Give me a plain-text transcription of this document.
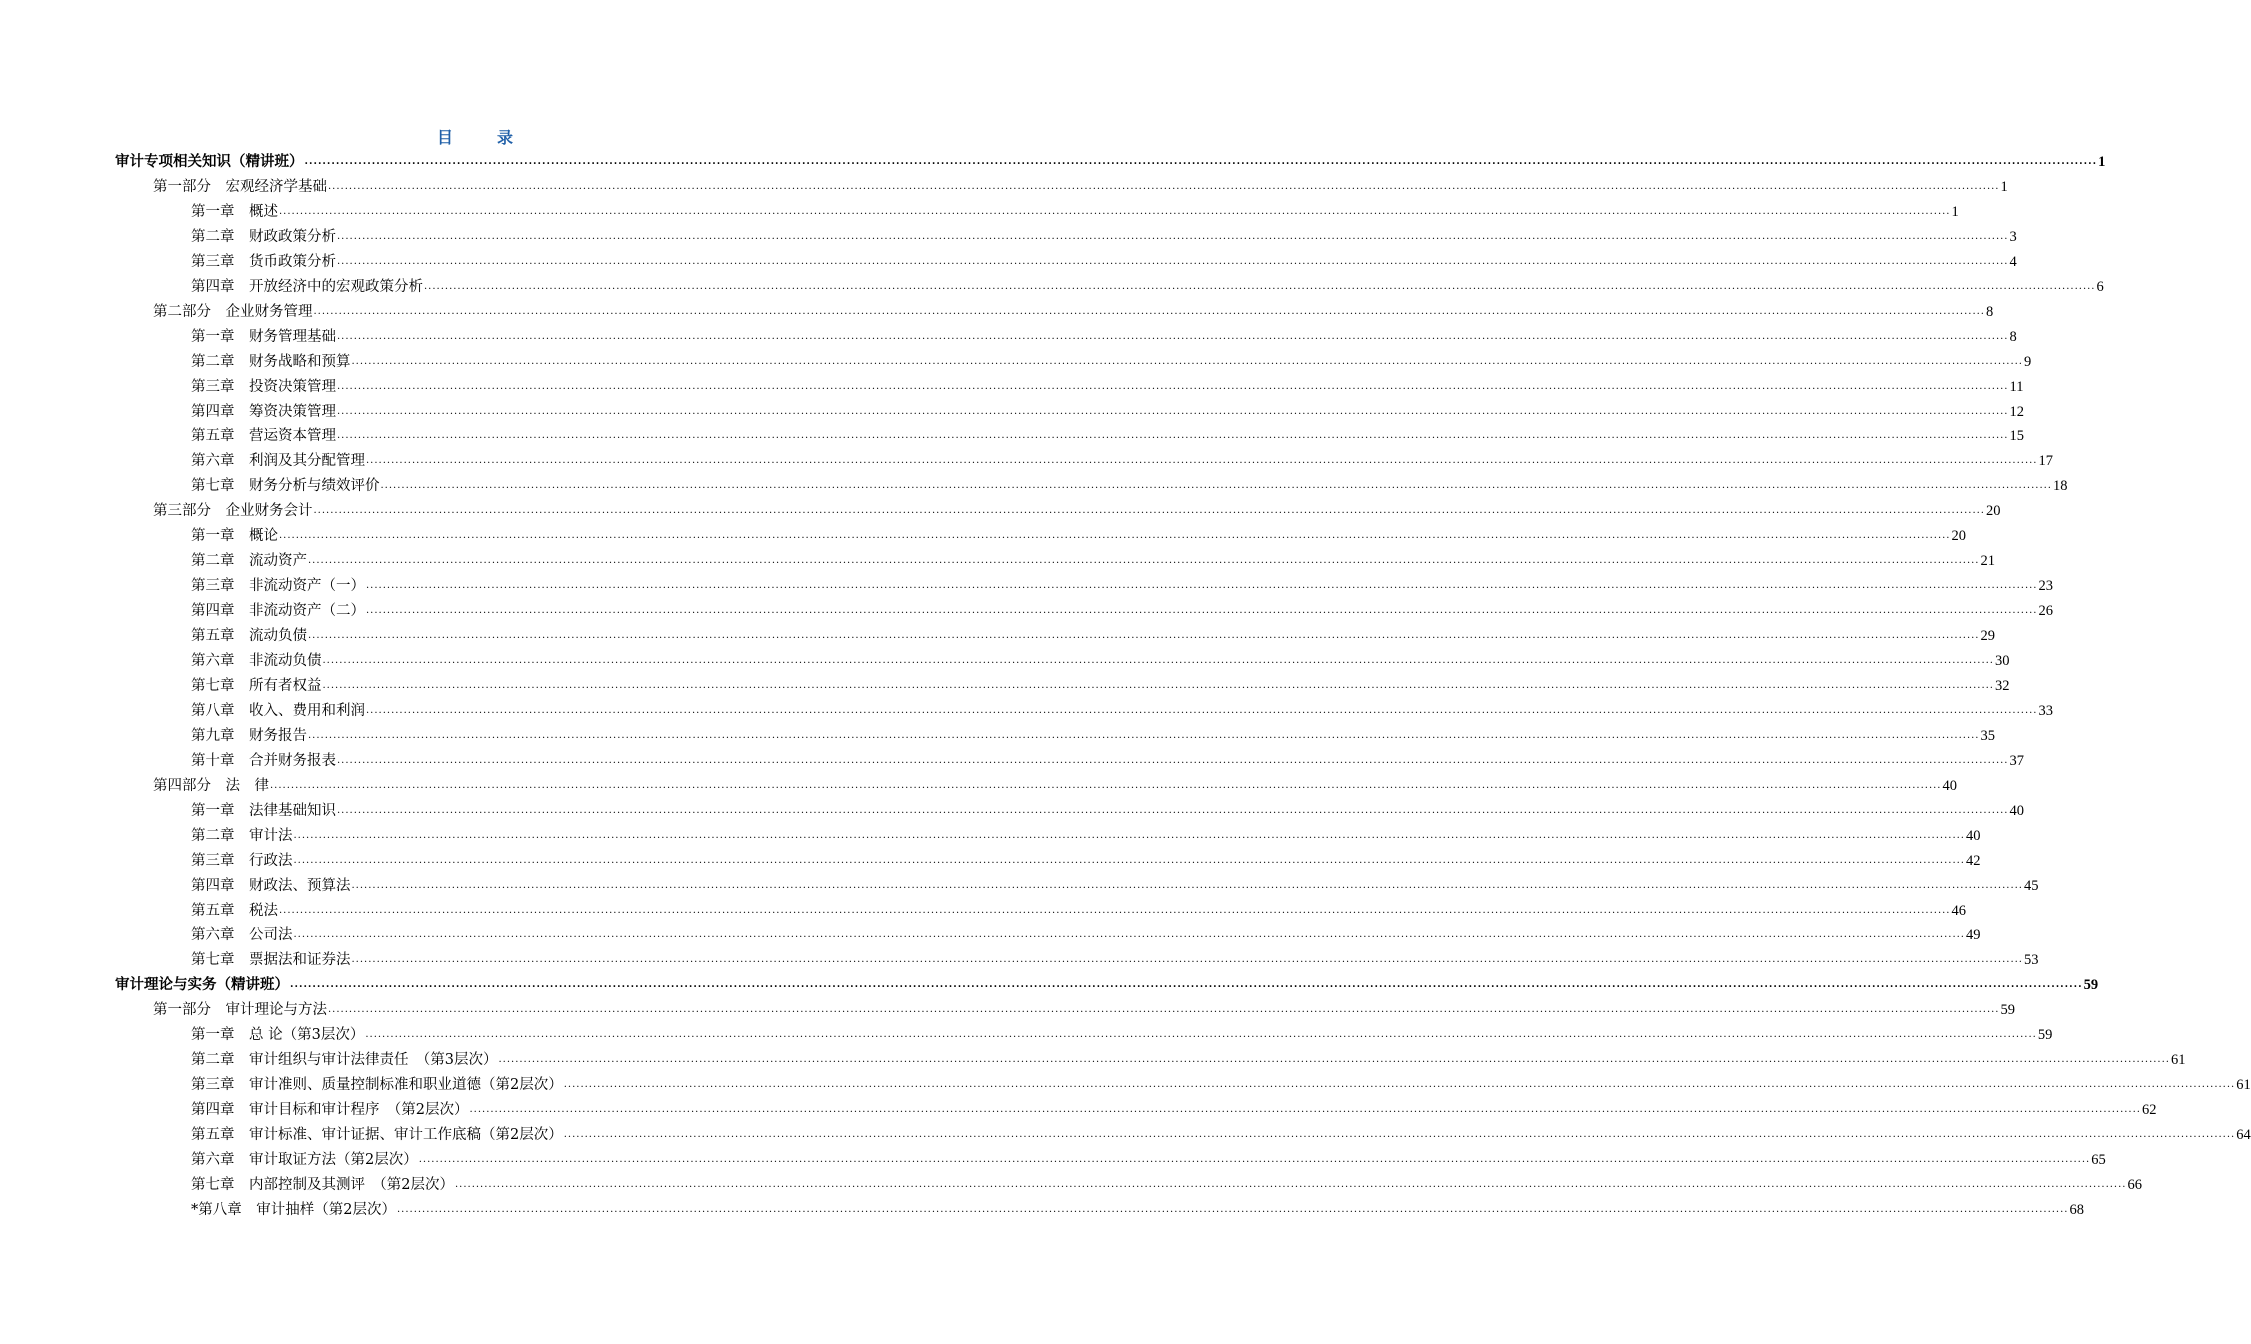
目　录
审计专项相关知识（精讲班） ................................................................................................................................................................................................................................................................................................................................................................................................................ 1
第一部分　宏观经济学基础 ................................................................................................................................................................................................................................................................................................................................................................................................................ 1
第一章　概述 ................................................................................................................................................................................................................................................................................................................................................................................................................ 1
第二章　财政政策分析 ................................................................................................................................................................................................................................................................................................................................................................................................................ 3
第三章　货币政策分析 ................................................................................................................................................................................................................................................................................................................................................................................................................ 4
第四章　开放经济中的宏观政策分析 ................................................................................................................................................................................................................................................................................................................................................................................................................ 6
第二部分　企业财务管理 ................................................................................................................................................................................................................................................................................................................................................................................................................ 8
第一章　财务管理基础 ................................................................................................................................................................................................................................................................................................................................................................................................................ 8
第二章　财务战略和预算 ................................................................................................................................................................................................................................................................................................................................................................................................................ 9
第三章　投资决策管理 ................................................................................................................................................................................................................................................................................................................................................................................................................ 11
第四章　筹资决策管理 ................................................................................................................................................................................................................................................................................................................................................................................................................ 12
第五章　营运资本管理 ................................................................................................................................................................................................................................................................................................................................................................................................................ 15
第六章　利润及其分配管理 ................................................................................................................................................................................................................................................................................................................................................................................................................ 17
第七章　财务分析与绩效评价 ................................................................................................................................................................................................................................................................................................................................................................................................................ 18
第三部分　企业财务会计 ................................................................................................................................................................................................................................................................................................................................................................................................................ 20
第一章　概论 ................................................................................................................................................................................................................................................................................................................................................................................................................ 20
第二章　流动资产 ................................................................................................................................................................................................................................................................................................................................................................................................................ 21
第三章　非流动资产（一） ................................................................................................................................................................................................................................................................................................................................................................................................................ 23
第四章　非流动资产（二） ................................................................................................................................................................................................................................................................................................................................................................................................................ 26
第五章　流动负债 ................................................................................................................................................................................................................................................................................................................................................................................................................ 29
第六章　非流动负债 ................................................................................................................................................................................................................................................................................................................................................................................................................ 30
第七章　所有者权益 ................................................................................................................................................................................................................................................................................................................................................................................................................ 32
第八章　收入、费用和利润 ................................................................................................................................................................................................................................................................................................................................................................................................................ 33
第九章　财务报告 ................................................................................................................................................................................................................................................................................................................................................................................................................ 35
第十章　合并财务报表 ................................................................................................................................................................................................................................................................................................................................................................................................................ 37
第四部分　法　律 ................................................................................................................................................................................................................................................................................................................................................................................................................ 40
第一章　法律基础知识 ................................................................................................................................................................................................................................................................................................................................................................................................................ 40
第二章　审计法 ................................................................................................................................................................................................................................................................................................................................................................................................................ 40
第三章　行政法 ................................................................................................................................................................................................................................................................................................................................................................................................................ 42
第四章　财政法、预算法 ................................................................................................................................................................................................................................................................................................................................................................................................................ 45
第五章　税法 ................................................................................................................................................................................................................................................................................................................................................................................................................ 46
第六章　公司法 ................................................................................................................................................................................................................................................................................................................................................................................................................ 49
第七章　票据法和证券法 ................................................................................................................................................................................................................................................................................................................................................................................................................ 53
审计理论与实务（精讲班） ................................................................................................................................................................................................................................................................................................................................................................................................................ 59
第一部分　审计理论与方法 ................................................................................................................................................................................................................................................................................................................................................................................................................ 59
第一章　总 论（第3层次） ................................................................................................................................................................................................................................................................................................................................................................................................................ 59
第二章　审计组织与审计法律责任　（第3层次） ................................................................................................................................................................................................................................................................................................................................................................................................................ 61
第三章　审计准则、质量控制标准和职业道德（第2层次） ................................................................................................................................................................................................................................................................................................................................................................................................................ 61
第四章　审计目标和审计程序　（第2层次） ................................................................................................................................................................................................................................................................................................................................................................................................................ 62
第五章　审计标准、审计证据、审计工作底稿（第2层次） ................................................................................................................................................................................................................................................................................................................................................................................................................ 64
第六章　审计取证方法（第2层次） ................................................................................................................................................................................................................................................................................................................................................................................................................ 65
第七章　内部控制及其测评　（第2层次） ................................................................................................................................................................................................................................................................................................................................................................................................................ 66
*第八章　审计抽样（第2层次） ................................................................................................................................................................................................................................................................................................................................................................................................................ 68
